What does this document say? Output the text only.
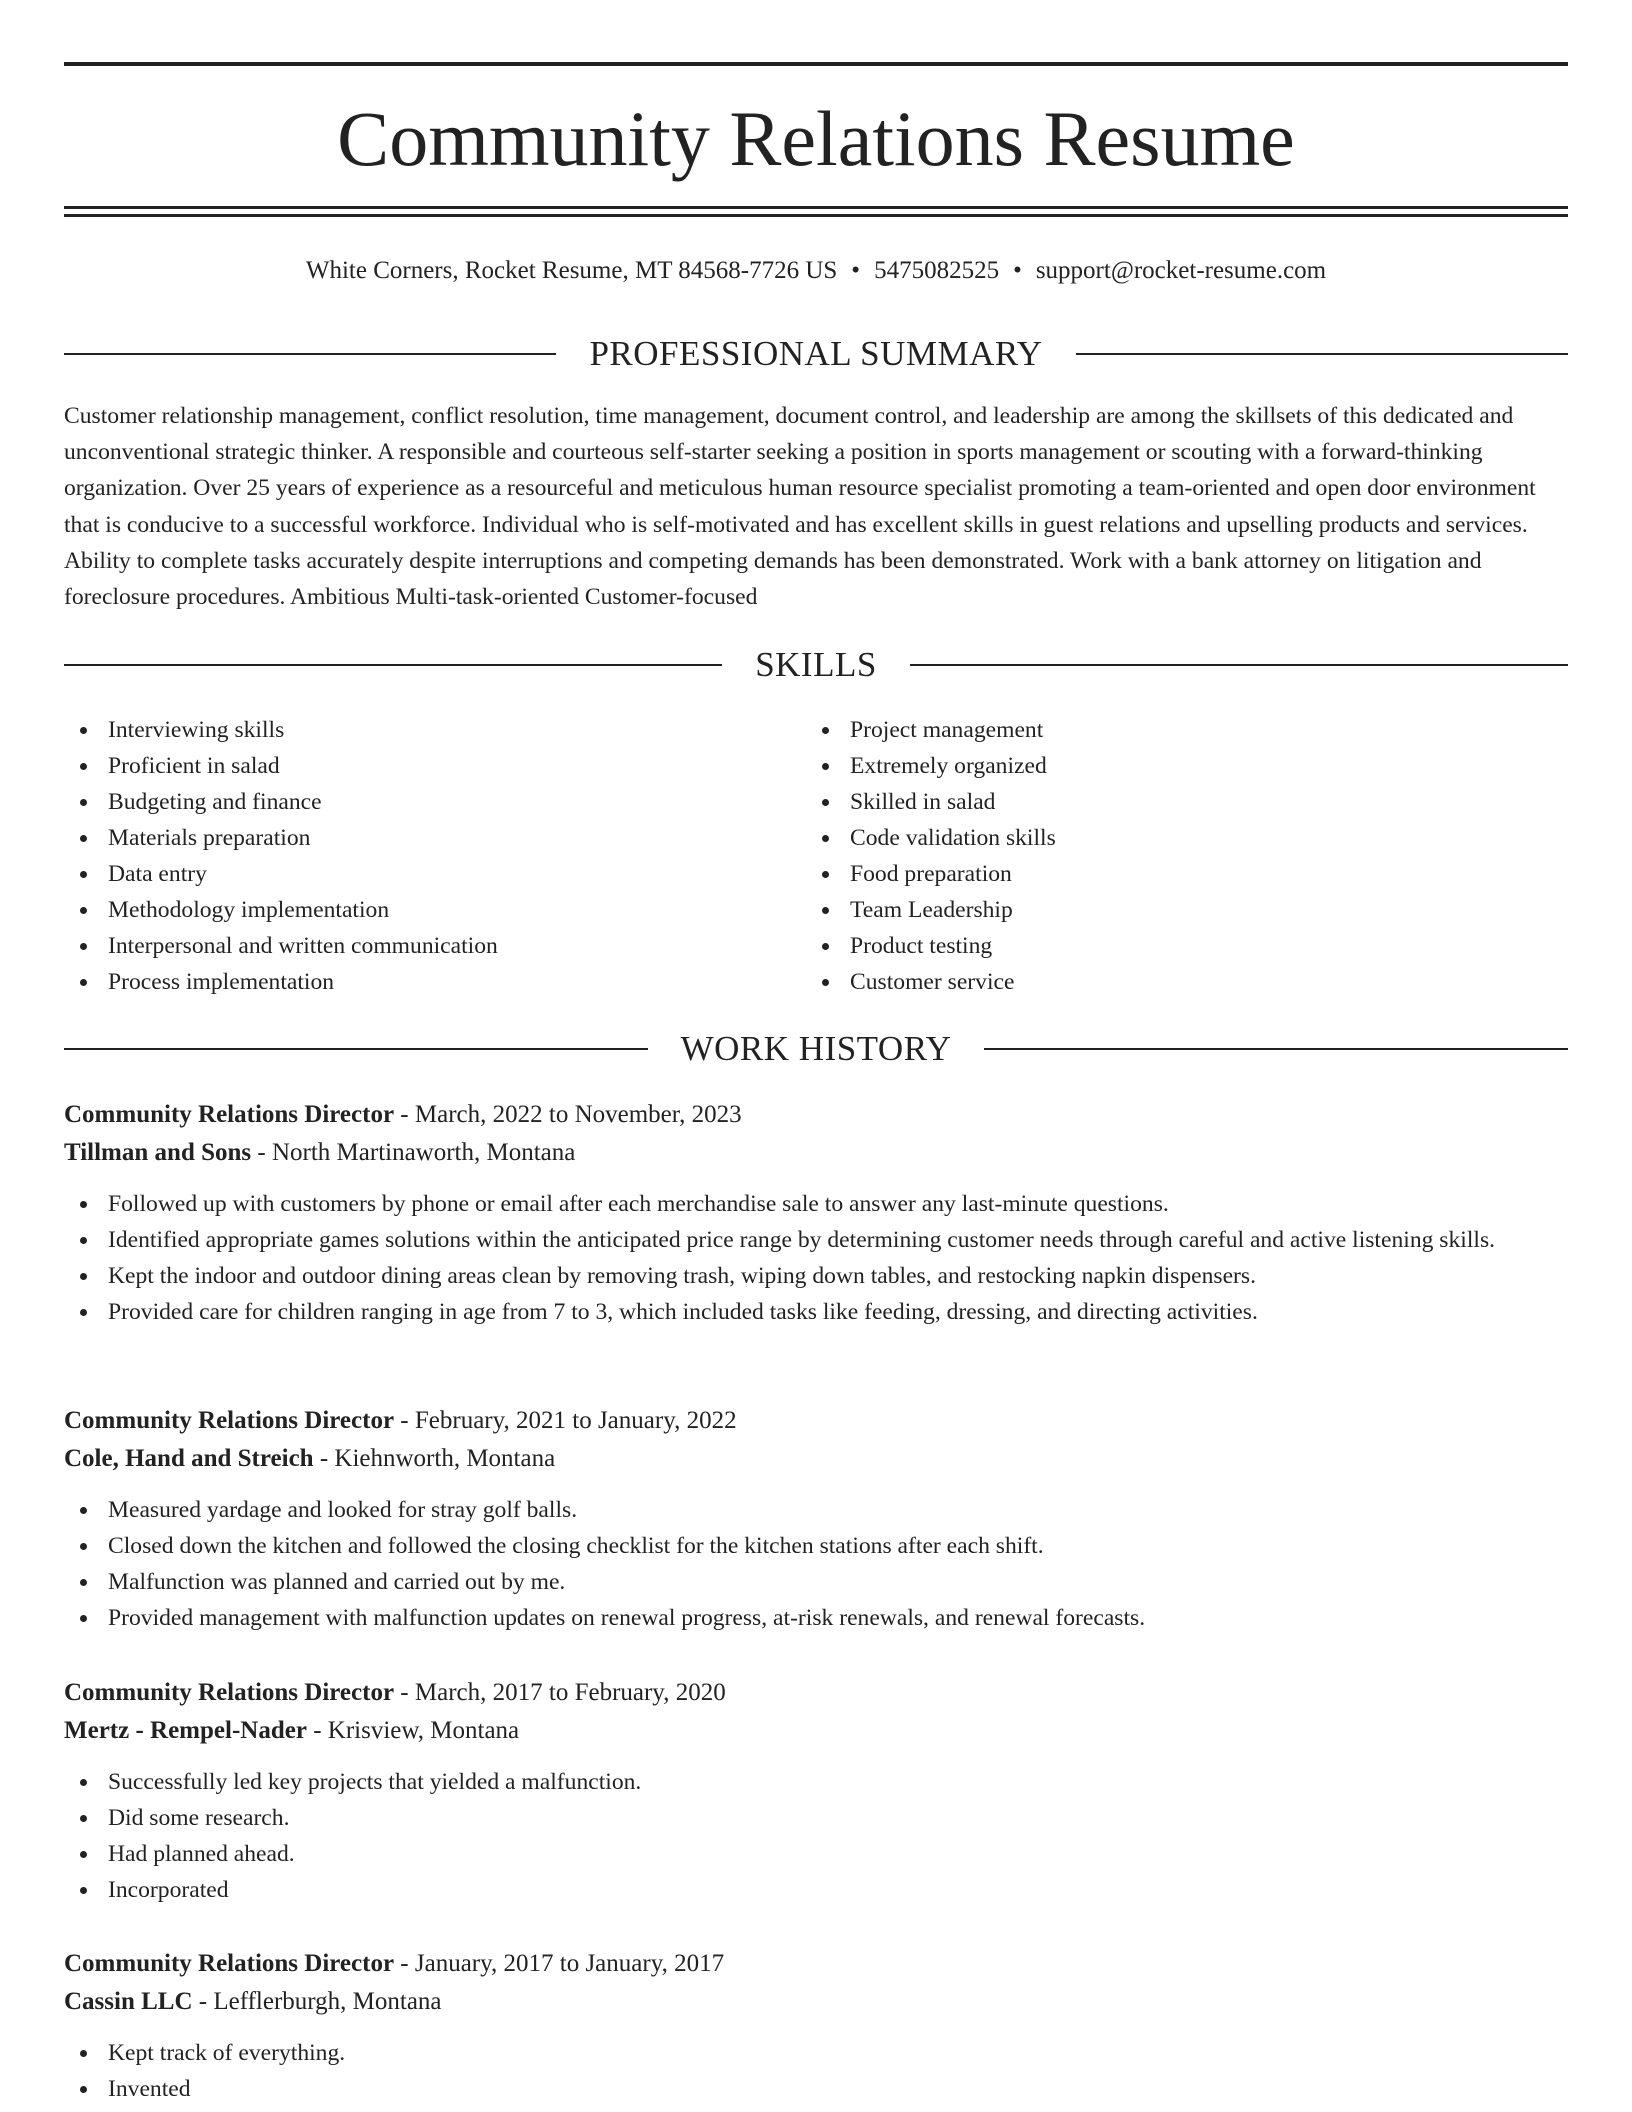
Community Relations Resume
White Corners, Rocket Resume, MT 84568-7726 US • 5475082525 • support@rocket-resume.com
PROFESSIONAL SUMMARY

Customer relationship management, conflict resolution, time management, document control, and leadership are among the skillsets of this dedicated and unconventional strategic thinker. A responsible and courteous self-starter seeking a position in sports management or scouting with a forward-thinking organization. Over 25 years of experience as a resourceful and meticulous human resource specialist promoting a team-oriented and open door environment that is conducive to a successful workforce. Individual who is self-motivated and has excellent skills in guest relations and upselling products and services. Ability to complete tasks accurately despite interruptions and competing demands has been demonstrated. Work with a bank attorney on litigation and foreclosure procedures. Ambitious Multi-task-oriented Customer-focused

SKILLS
Interviewing skills
Proficient in salad
Budgeting and finance
Materials preparation
Data entry
Methodology implementation
Interpersonal and written communication
Process implementation
Project management
Extremely organized
Skilled in salad
Code validation skills
Food preparation
Team Leadership
Product testing
Customer service
WORK HISTORY
Community Relations Director - March, 2022 to November, 2023
Tillman and Sons - North Martinaworth, Montana
Followed up with customers by phone or email after each merchandise sale to answer any last-minute questions.
Identified appropriate games solutions within the anticipated price range by determining customer needs through careful and active listening skills.
Kept the indoor and outdoor dining areas clean by removing trash, wiping down tables, and restocking napkin dispensers.
Provided care for children ranging in age from 7 to 3, which included tasks like feeding, dressing, and directing activities.
Community Relations Director - February, 2021 to January, 2022
Cole, Hand and Streich - Kiehnworth, Montana
Measured yardage and looked for stray golf balls.
Closed down the kitchen and followed the closing checklist for the kitchen stations after each shift.
Malfunction was planned and carried out by me.
Provided management with malfunction updates on renewal progress, at-risk renewals, and renewal forecasts.
Community Relations Director - March, 2017 to February, 2020
Mertz - Rempel-Nader - Krisview, Montana
Successfully led key projects that yielded a malfunction.
Did some research.
Had planned ahead.
Incorporated
Community Relations Director - January, 2017 to January, 2017
Cassin LLC - Lefflerburgh, Montana
Kept track of everything.
Invented
